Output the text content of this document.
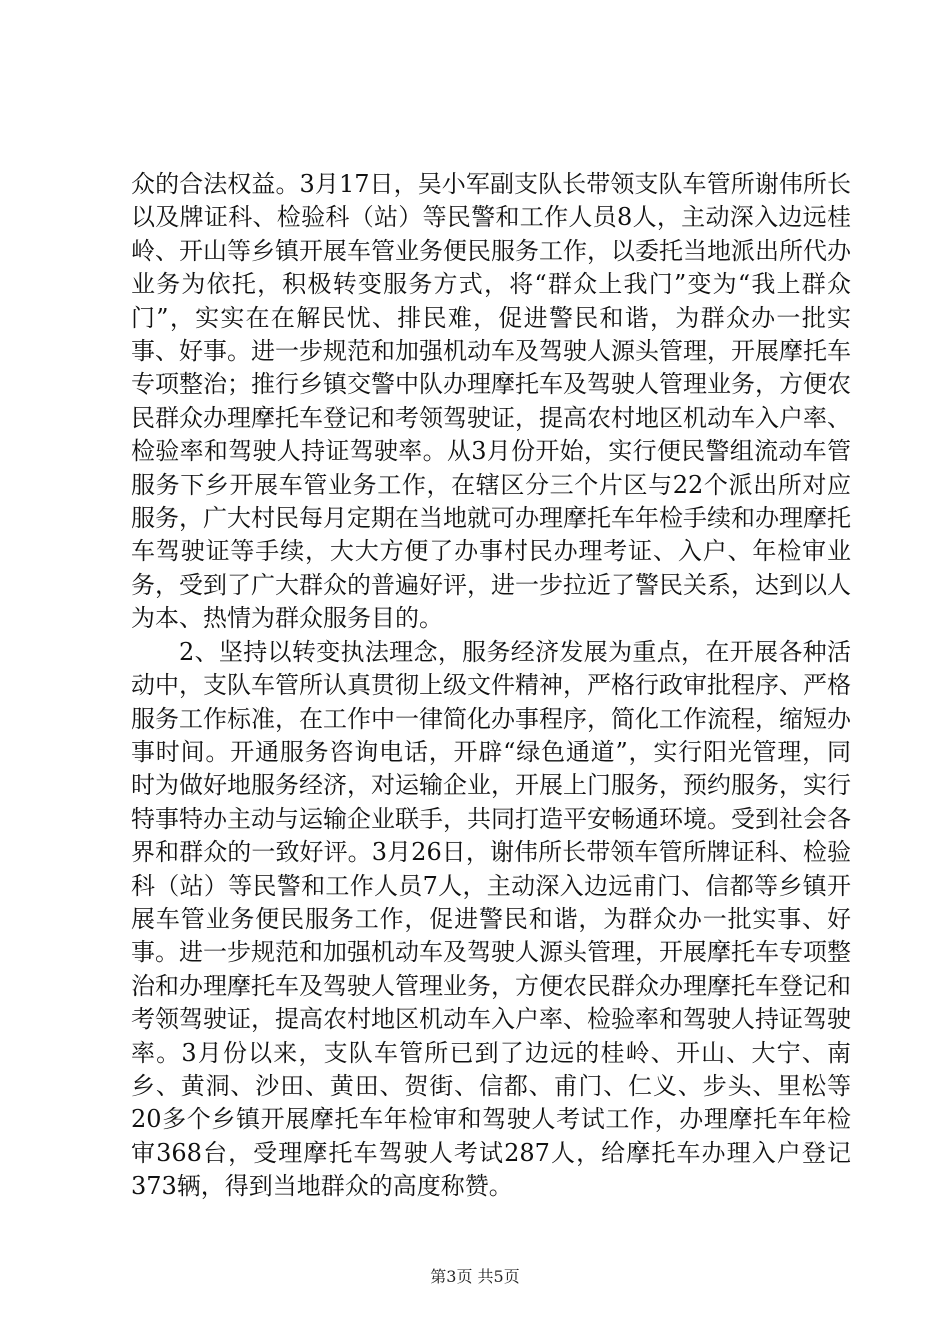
众的合法权益。3月17日，吴小军副支队长带领支队车管所谢伟所长以及牌证科、检验科（站）等民警和工作人员8人，主动深入边远桂岭、开山等乡镇开展车管业务便民服务工作，以委托当地派出所代办业务为依托，积极转变服务方式，将“群众上我门”变为“我上群众门”，实实在在解民忧、排民难，促进警民和谐，为群众办一批实事、好事。进一步规范和加强机动车及驾驶人源头管理，开展摩托车专项整治；推行乡镇交警中队办理摩托车及驾驶人管理业务，方便农民群众办理摩托车登记和考领驾驶证，提高农村地区机动车入户率、检验率和驾驶人持证驾驶率。从3月份开始，实行便民警组流动车管服务下乡开展车管业务工作，在辖区分三个片区与22个派出所对应服务，广大村民每月定期在当地就可办理摩托车年检手续和办理摩托车驾驶证等手续，大大方便了办事村民办理考证、入户、年检审业务，受到了广大群众的普遍好评，进一步拉近了警民关系，达到以人为本、热情为群众服务目的。

2、坚持以转变执法理念，服务经济发展为重点，在开展各种活动中，支队车管所认真贯彻上级文件精神，严格行政审批程序、严格服务工作标准，在工作中一律简化办事程序，简化工作流程，缩短办事时间。开通服务咨询电话，开辟“绿色通道”，实行阳光管理，同时为做好地服务经济，对运输企业，开展上门服务，预约服务，实行特事特办主动与运输企业联手，共同打造平安畅通环境。受到社会各界和群众的一致好评。3月26日，谢伟所长带领车管所牌证科、检验科（站）等民警和工作人员7人，主动深入边远甫门、信都等乡镇开展车管业务便民服务工作，促进警民和谐，为群众办一批实事、好事。进一步规范和加强机动车及驾驶人源头管理，开展摩托车专项整治和办理摩托车及驾驶人管理业务，方便农民群众办理摩托车登记和考领驾驶证，提高农村地区机动车入户率、检验率和驾驶人持证驾驶率。3月份以来，支队车管所已到了边远的桂岭、开山、大宁、南乡、黄洞、沙田、黄田、贺街、信都、甫门、仁义、步头、里松等20多个乡镇开展摩托车年检审和驾驶人考试工作，办理摩托车年检审368台，受理摩托车驾驶人考试287人，给摩托车办理入户登记373辆，得到当地群众的高度称赞。

第3页 共5页
